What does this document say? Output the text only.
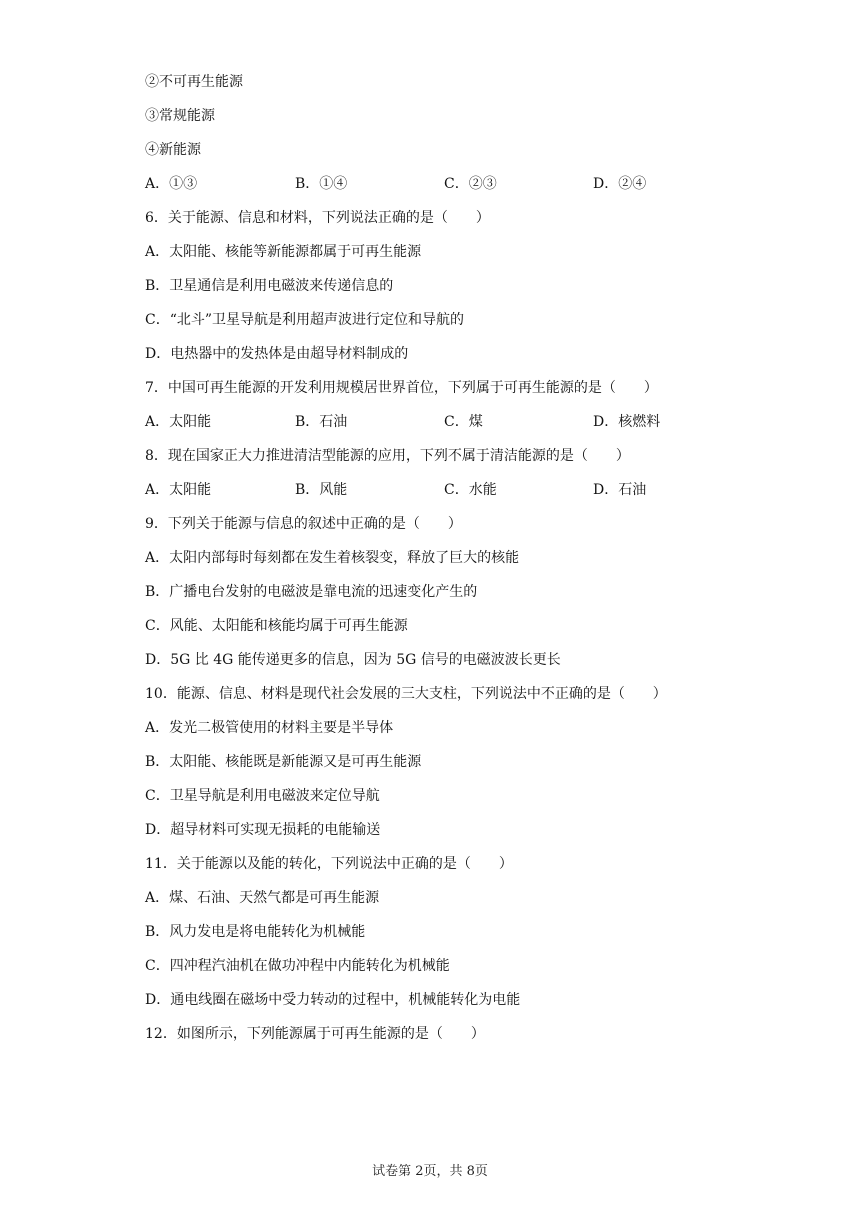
②不可再生能源
③常规能源
④新能源
A．①③	B．①④	C．②③	D．②④
6．关于能源、信息和材料，下列说法正确的是（　　）
A．太阳能、核能等新能源都属于可再生能源
B．卫星通信是利用电磁波来传递信息的
C．“北斗”卫星导航是利用超声波进行定位和导航的
D．电热器中的发热体是由超导材料制成的
7．中国可再生能源的开发利用规模居世界首位，下列属于可再生能源的是（　　）
A．太阳能	B．石油	C．煤	D．核燃料
8．现在国家正大力推进清洁型能源的应用，下列不属于清洁能源的是（　　）
A．太阳能	B．风能	C．水能	D．石油
9．下列关于能源与信息的叙述中正确的是（　　）
A．太阳内部每时每刻都在发生着核裂变，释放了巨大的核能
B．广播电台发射的电磁波是靠电流的迅速变化产生的
C．风能、太阳能和核能均属于可再生能源
D．5G 比 4G 能传递更多的信息，因为 5G 信号的电磁波波长更长
10．能源、信息、材料是现代社会发展的三大支柱，下列说法中不正确的是（　　）
A．发光二极管使用的材料主要是半导体
B．太阳能、核能既是新能源又是可再生能源
C．卫星导航是利用电磁波来定位导航
D．超导材料可实现无损耗的电能输送
11．关于能源以及能的转化，下列说法中正确的是（　　）
A．煤、石油、天然气都是可再生能源
B．风力发电是将电能转化为机械能
C．四冲程汽油机在做功冲程中内能转化为机械能
D．通电线圈在磁场中受力转动的过程中，机械能转化为电能
12．如图所示，下列能源属于可再生能源的是（　　）
试卷第 2页，共 8页
